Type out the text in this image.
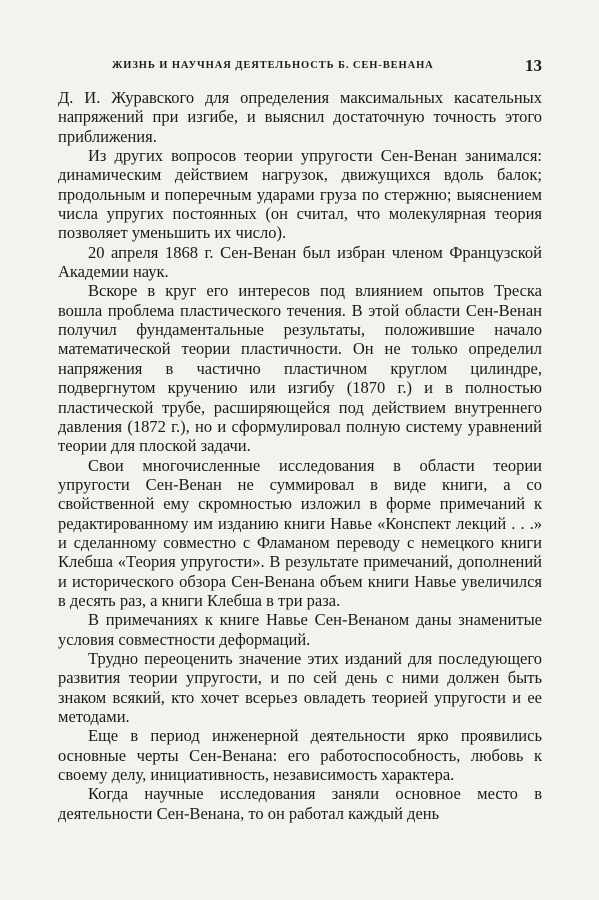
ЖИЗНЬ И НАУЧНАЯ ДЕЯТЕЛЬНОСТЬ Б. СЕН-ВЕНАНА	13

Д. И. Журавского для определения максимальных касательных напряжений при изгибе, и выяснил достаточную точность этого приближения.

Из других вопросов теории упругости Сен-Венан занимался: динамическим действием нагрузок, движущихся вдоль балок; продольным и поперечным ударами груза по стержню; выяснением числа упругих постоянных (он считал, что молекулярная теория позволяет уменьшить их число).

20 апреля 1868 г. Сен-Венан был избран членом Французской Академии наук.

Вскоре в круг его интересов под влиянием опытов Треска вошла проблема пластического течения. В этой области Сен-Венан получил фундаментальные результаты, положившие начало математической теории пластичности. Он не только определил напряжения в частично пластичном круглом цилиндре, подвергнутом кручению или изгибу (1870 г.) и в полностью пластической трубе, расширяющейся под действием внутреннего давления (1872 г.), но и сформулировал полную систему уравнений теории для плоской задачи.

Свои многочисленные исследования в области теории упругости Сен-Венан не суммировал в виде книги, а со свойственной ему скромностью изложил в форме примечаний к редактированному им изданию книги Навье «Конспект лекций . . .» и сделанному совместно с Фламаном переводу с немецкого книги Клебша «Теория упругости». В результате примечаний, дополнений и исторического обзора Сен-Венана объем книги Навье увеличился в десять раз, а книги Клебша в три раза.

В примечаниях к книге Навье Сен-Венаном даны знаменитые условия совместности деформаций.

Трудно переоценить значение этих изданий для последующего развития теории упругости, и по сей день с ними должен быть знаком всякий, кто хочет всерьез овладеть теорией упругости и ее методами.

Еще в период инженерной деятельности ярко проявились основные черты Сен-Венана: его работоспособность, любовь к своему делу, инициативность, независимость характера.

Когда научные исследования заняли основное место в деятельности Сен-Венана, то он работал каждый день
